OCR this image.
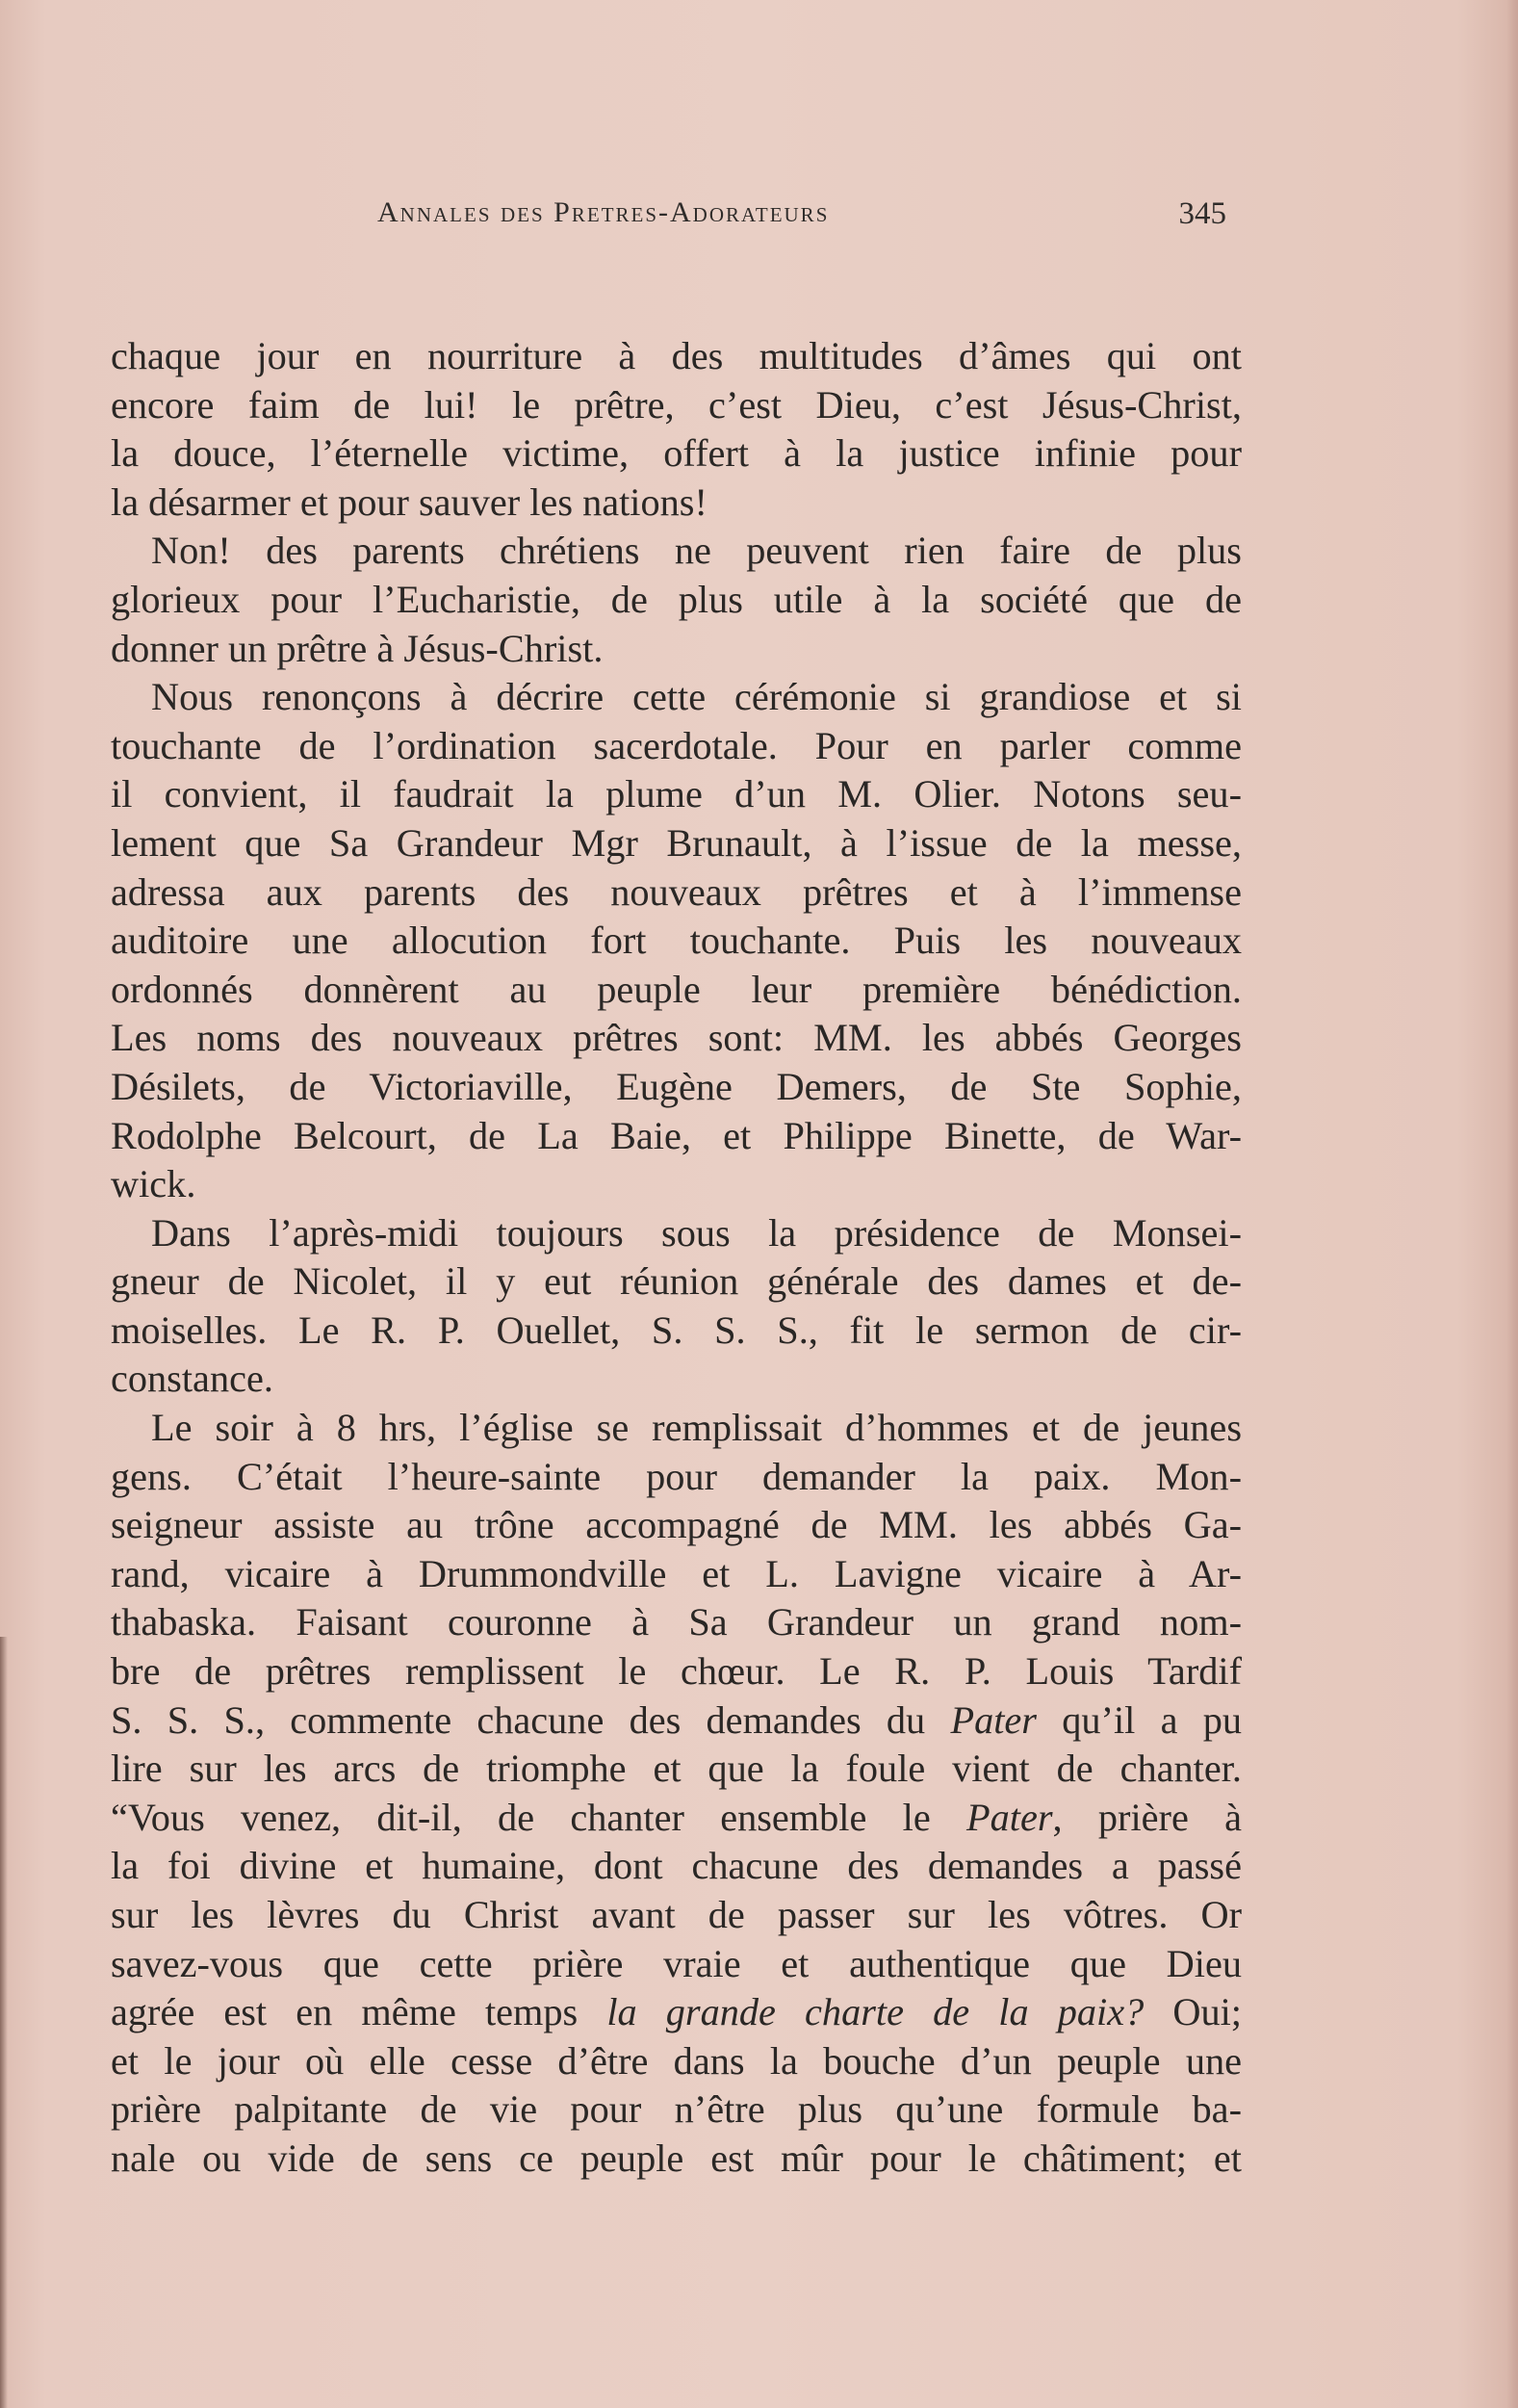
Annales des Pretres-Adorateurs	345
chaque jour en nourriture à des multitudes d’âmes qui ont
encore faim de lui! le prêtre, c’est Dieu, c’est Jésus-Christ,
la douce, l’éternelle victime, offert à la justice infinie pour
la désarmer et pour sauver les nations!
Non! des parents chrétiens ne peuvent rien faire de plus
glorieux pour l’Eucharistie, de plus utile à la société que de
donner un prêtre à Jésus-Christ.
Nous renonçons à décrire cette cérémonie si grandiose et si
touchante de l’ordination sacerdotale. Pour en parler comme
il convient, il faudrait la plume d’un M. Olier. Notons seu-
lement que Sa Grandeur Mgr Brunault, à l’issue de la messe,
adressa aux parents des nouveaux prêtres et à l’immense
auditoire une allocution fort touchante. Puis les nouveaux
ordonnés donnèrent au peuple leur première bénédiction.
Les noms des nouveaux prêtres sont: MM. les abbés Georges
Désilets, de Victoriaville, Eugène Demers, de Ste Sophie,
Rodolphe Belcourt, de La Baie, et Philippe Binette, de War-
wick.
Dans l’après-midi toujours sous la présidence de Monsei-
gneur de Nicolet, il y eut réunion générale des dames et de-
moiselles. Le R. P. Ouellet, S. S. S., fit le sermon de cir-
constance.
Le soir à 8 hrs, l’église se remplissait d’hommes et de jeunes
gens. C’était l’heure-sainte pour demander la paix. Mon-
seigneur assiste au trône accompagné de MM. les abbés Ga-
rand, vicaire à Drummondville et L. Lavigne vicaire à Ar-
thabaska. Faisant couronne à Sa Grandeur un grand nom-
bre de prêtres remplissent le chœur. Le R. P. Louis Tardif
S. S. S., commente chacune des demandes du Pater qu’il a pu
lire sur les arcs de triomphe et que la foule vient de chanter.
“Vous venez, dit-il, de chanter ensemble le Pater, prière à
la foi divine et humaine, dont chacune des demandes a passé
sur les lèvres du Christ avant de passer sur les vôtres. Or
savez-vous que cette prière vraie et authentique que Dieu
agrée est en même temps la grande charte de la paix? Oui;
et le jour où elle cesse d’être dans la bouche d’un peuple une
prière palpitante de vie pour n’être plus qu’une formule ba-
nale ou vide de sens ce peuple est mûr pour le châtiment; et
